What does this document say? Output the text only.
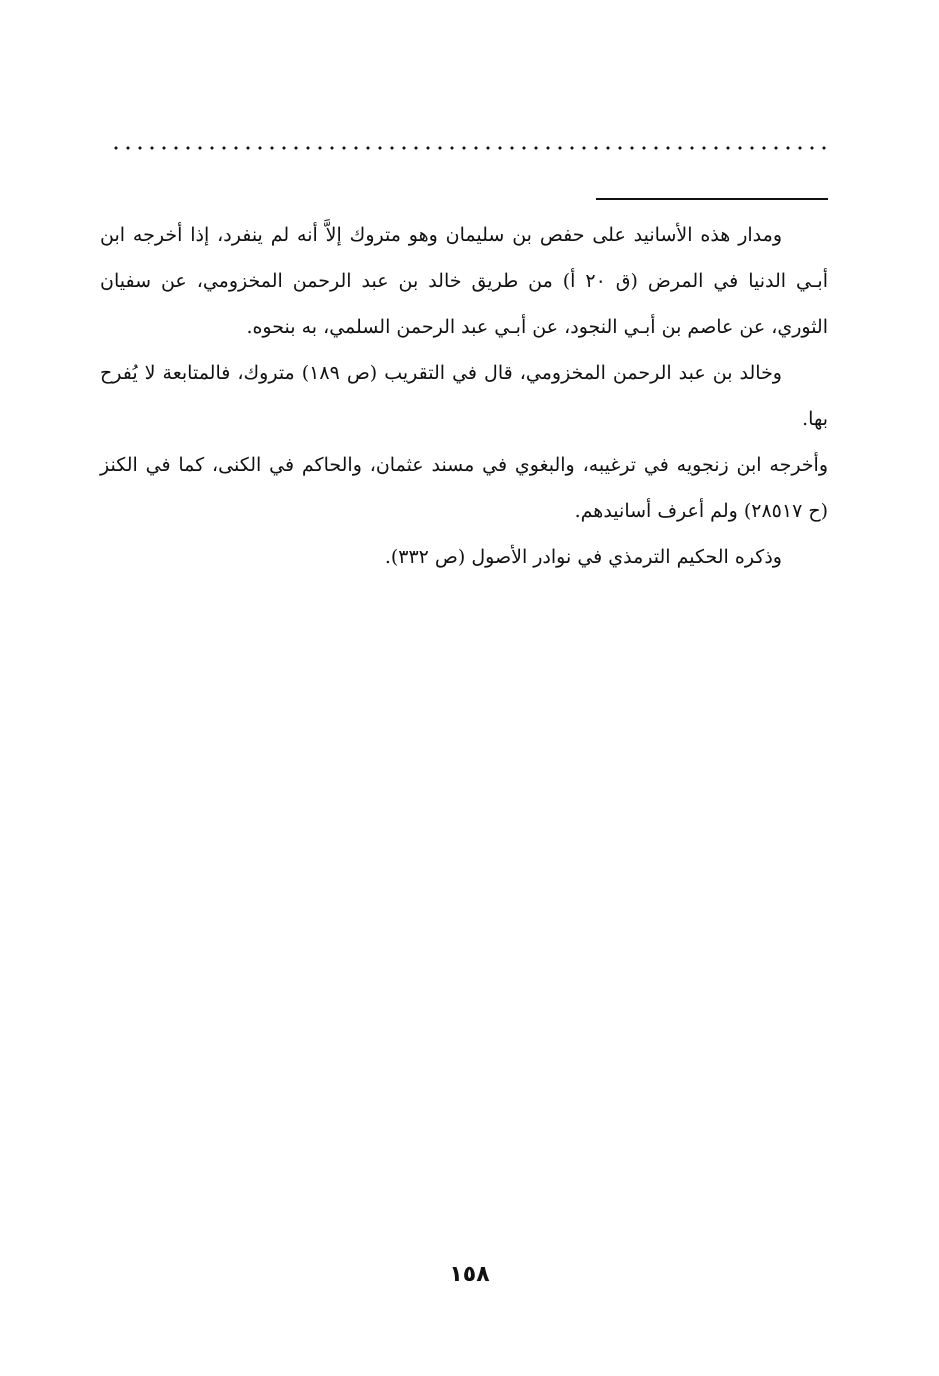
ومدار هذه الأسانيد على حفص بن سليمان وهو متروك إلاَّ أنه لم ينفرد، إذا أخرجه ابن أبـي الدنيا في المرض (ق ٢٠ أ) من طريق خالد بن عبد الرحمن المخزومي، عن سفيان الثوري، عن عاصم بن أبـي النجود، عن أبـي عبد الرحمن السلمي، به بنحوه.

وخالد بن عبد الرحمن المخزومي، قال في التقريب (ص ١٨٩) متروك، فالمتابعة لا يُفرح بها.

وأخرجه ابن زنجويه في ترغيبه، والبغوي في مسند عثمان، والحاكم في الكنى، كما في الكنز (ح ٢٨٥١٧) ولم أعرف أسانيدهم.

وذكره الحكيم الترمذي في نوادر الأصول (ص ٣٣٢).

١٥٨
